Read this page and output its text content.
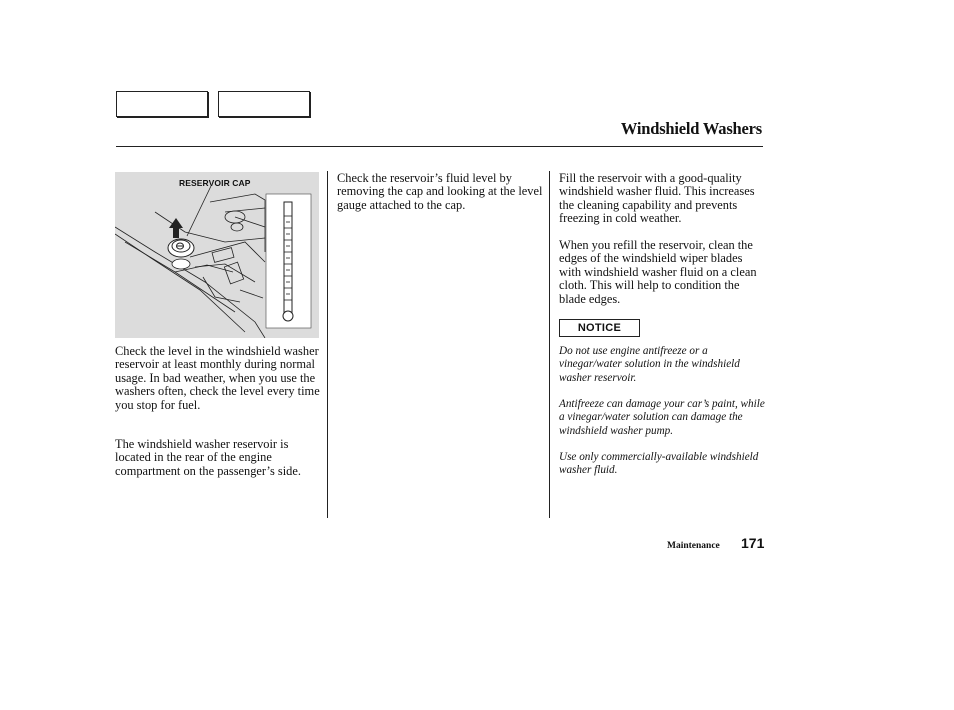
Windshield Washers
RESERVOIR CAP

Check the level in the windshield washer reservoir at least monthly during normal usage. In bad weather, when you use the washers often, check the level every time you stop for fuel.

The windshield washer reservoir is located in the rear of the engine compartment on the passenger’s side.

Check the reservoir’s fluid level by removing the cap and looking at the level gauge attached to the cap.

Fill the reservoir with a good-quality windshield washer fluid. This increases the cleaning capability and prevents freezing in cold weather.

When you refill the reservoir, clean the edges of the windshield wiper blades with windshield washer fluid on a clean cloth. This will help to condition the blade edges.

NOTICE

Do not use engine antifreeze or a vinegar/water solution in the windshield washer reservoir.

Antifreeze can damage your car’s paint, while a vinegar/water solution can damage the windshield washer pump.

Use only commercially-available windshield washer fluid.

Maintenance 171
